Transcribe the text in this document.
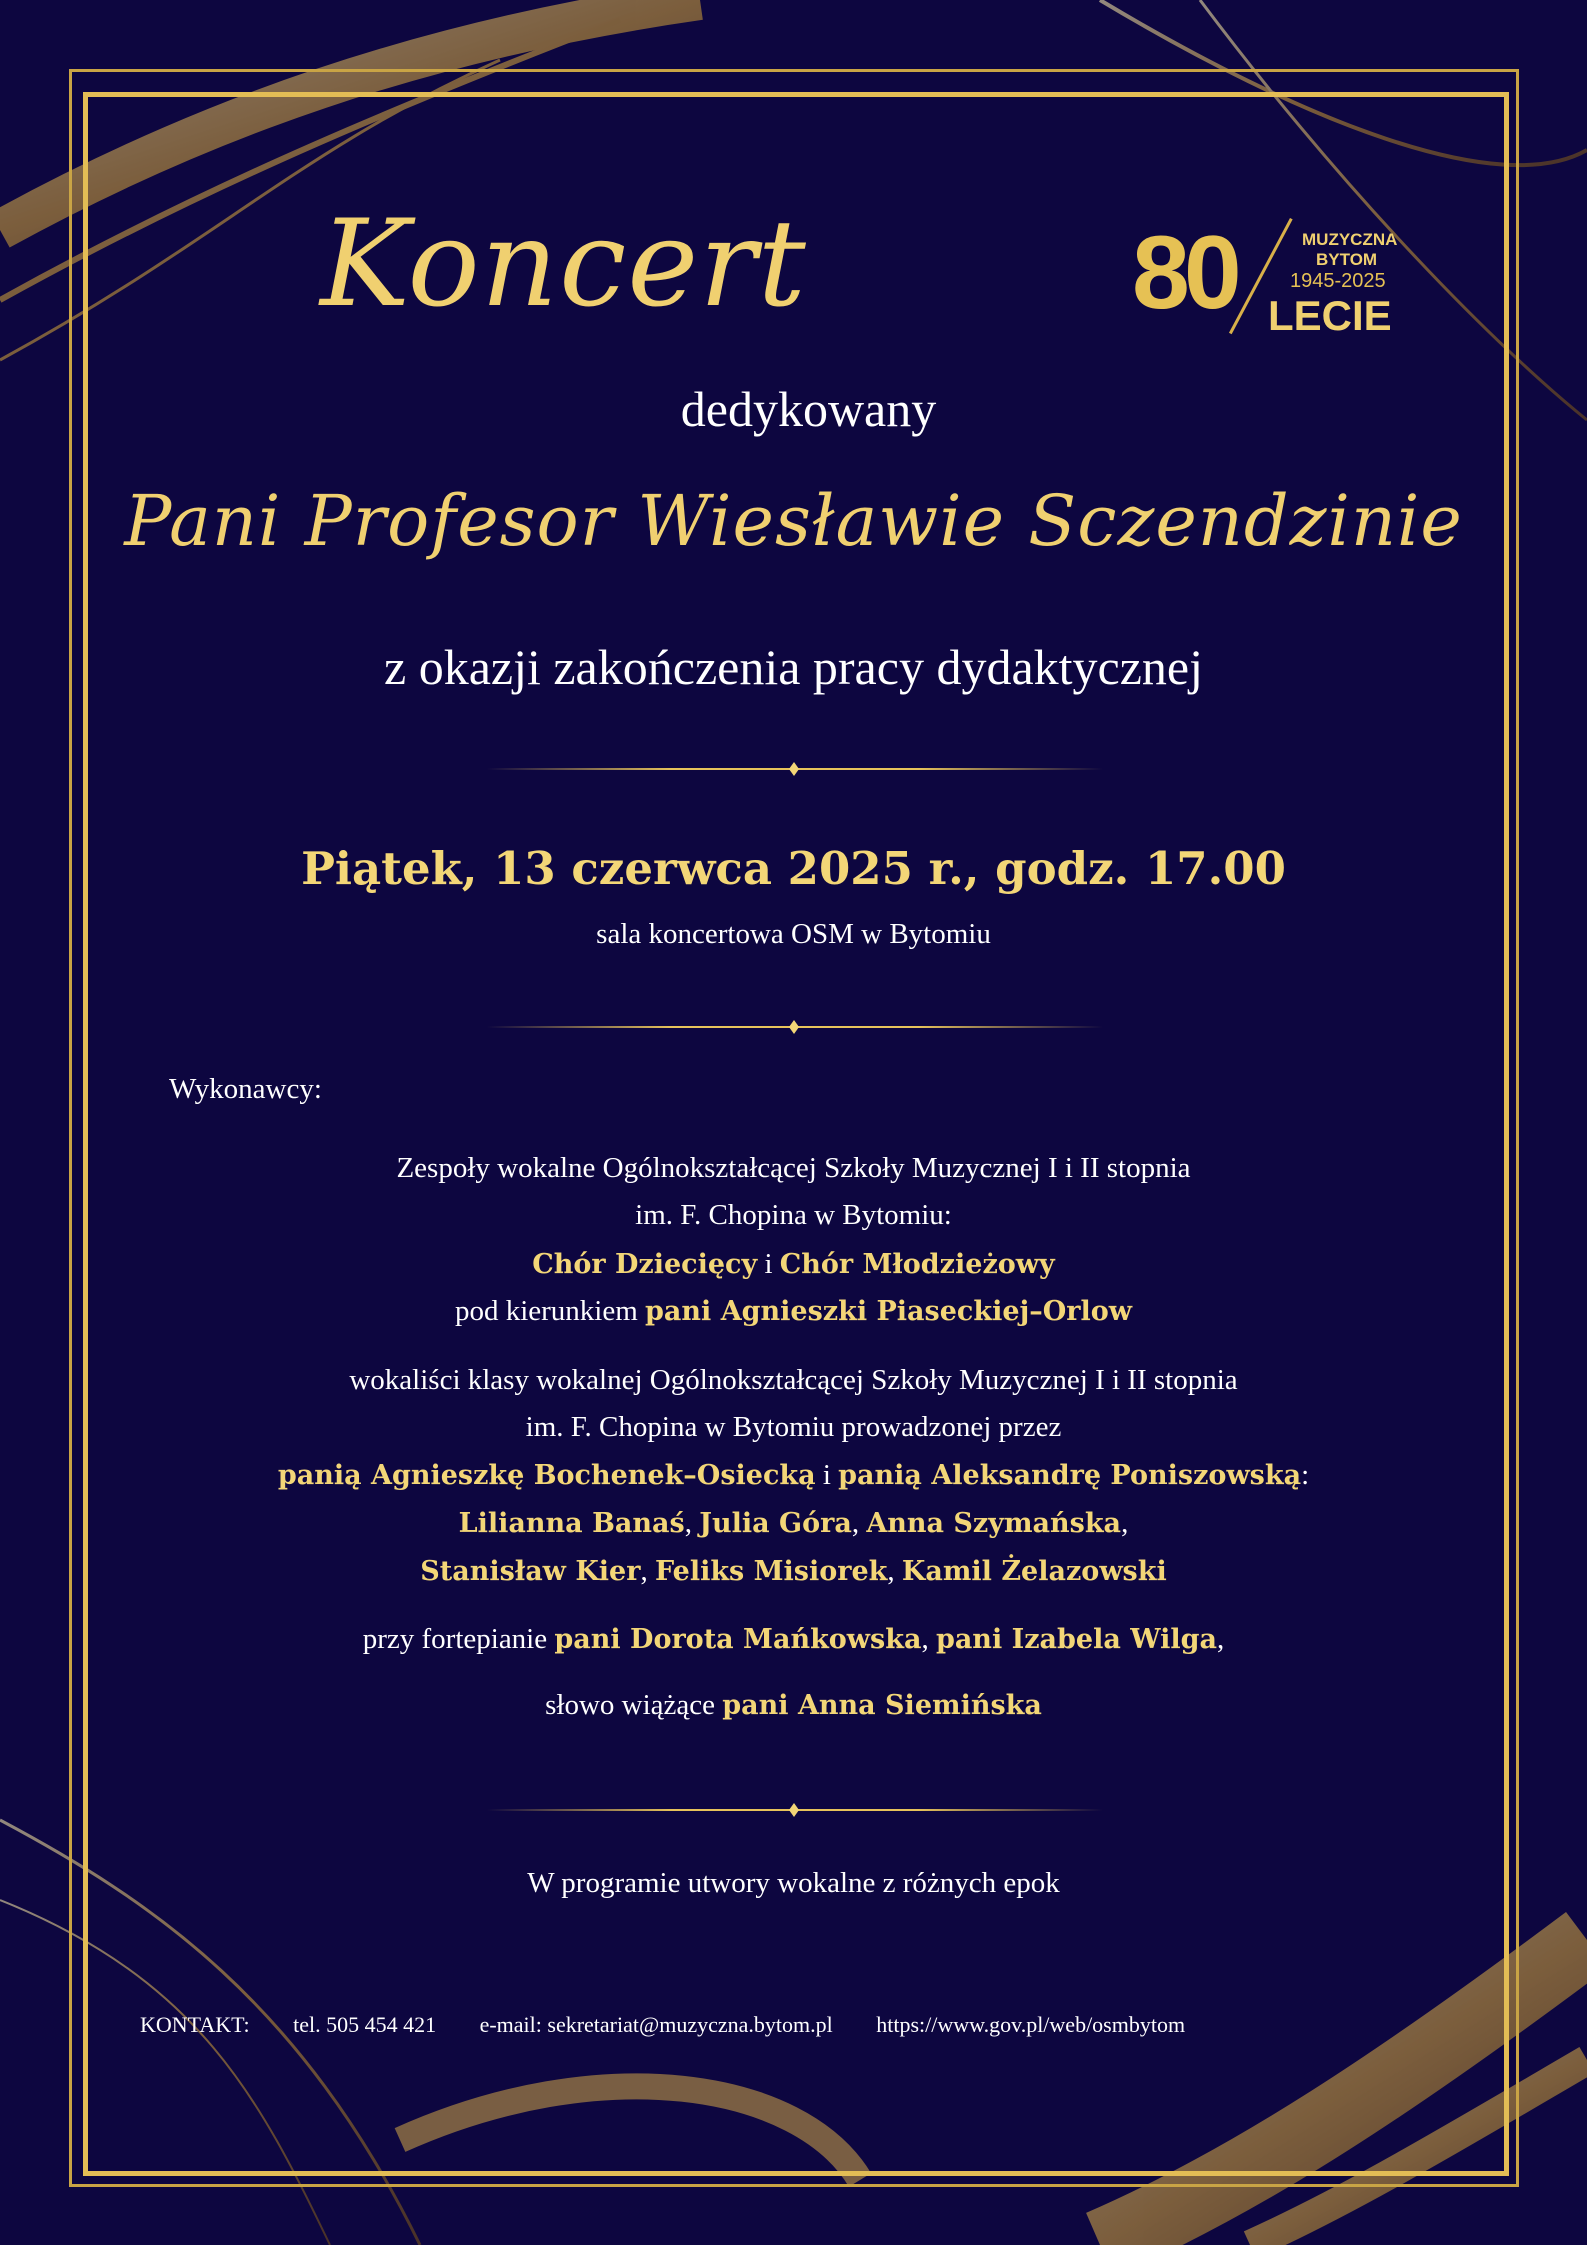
80	MUZYCZNA
BYTOM
1945-2025
LECIE
Koncert
dedykowany
Pani Profesor Wiesławie Sczendzinie
z okazji zakończenia pracy dydaktycznej
Piątek, 13 czerwca 2025 r., godz. 17.00
sala koncertowa OSM w Bytomiu
Wykonawcy:
Zespoły wokalne Ogólnokształcącej Szkoły Muzycznej I i II stopnia
im. F. Chopina w Bytomiu:
Chór Dziecięcy i Chór Młodzieżowy
pod kierunkiem pani Agnieszki Piaseckiej–Orlow
wokaliści klasy wokalnej Ogólnokształcącej Szkoły Muzycznej I i II stopnia
im. F. Chopina w Bytomiu prowadzonej przez
panią Agnieszkę Bochenek–Osiecką i panią Aleksandrę Poniszowską:
Lilianna Banaś, Julia Góra, Anna Szymańska,
Stanisław Kier, Feliks Misiorek, Kamil Żelazowski
przy fortepianie pani Dorota Mańkowska, pani Izabela Wilga,
słowo wiążące pani Anna Siemińska
W programie utwory wokalne z różnych epok
KONTAKT: tel. 505 454 421 e-mail: sekretariat@muzyczna.bytom.pl https://www.gov.pl/web/osmbytom
